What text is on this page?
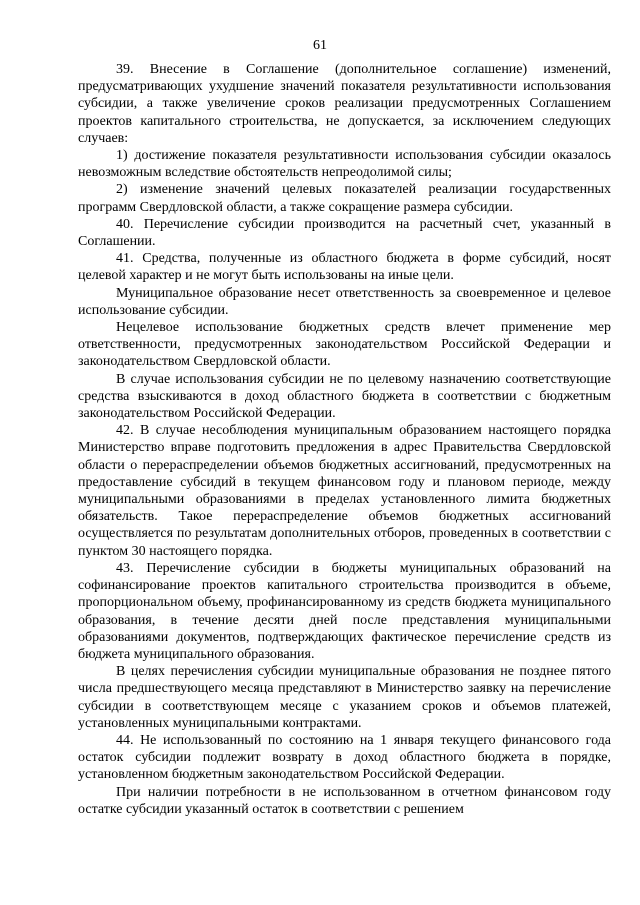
61

39. Внесение в Соглашение (дополнительное соглашение) изменений, предусматривающих ухудшение значений показателя результативности использования субсидии, а также увеличение сроков реализации предусмотренных Соглашением проектов капитального строительства, не допускается, за исключением следующих случаев:

1) достижение показателя результативности использования субсидии оказалось невозможным вследствие обстоятельств непреодолимой силы;

2) изменение значений целевых показателей реализации государственных программ Свердловской области, а также сокращение размера субсидии.

40. Перечисление субсидии производится на расчетный счет, указанный в Соглашении.

41. Средства, полученные из областного бюджета в форме субсидий, носят целевой характер и не могут быть использованы на иные цели.

Муниципальное образование несет ответственность за своевременное и целевое использование субсидии.

Нецелевое использование бюджетных средств влечет применение мер ответственности, предусмотренных законодательством Российской Федерации и законодательством Свердловской области.

В случае использования субсидии не по целевому назначению соответствующие средства взыскиваются в доход областного бюджета в соответствии с бюджетным законодательством Российской Федерации.

42. В случае несоблюдения муниципальным образованием настоящего порядка Министерство вправе подготовить предложения в адрес Правительства Свердловской области о перераспределении объемов бюджетных ассигнований, предусмотренных на предоставление субсидий в текущем финансовом году и плановом периоде, между муниципальными образованиями в пределах установленного лимита бюджетных обязательств. Такое перераспределение объемов бюджетных ассигнований осуществляется по результатам дополнительных отборов, проведенных в соответствии с пунктом 30 настоящего порядка.

43. Перечисление субсидии в бюджеты муниципальных образований на софинансирование проектов капитального строительства производится в объеме, пропорциональном объему, профинансированному из средств бюджета муниципального образования, в течение десяти дней после представления муниципальными образованиями документов, подтверждающих фактическое перечисление средств из бюджета муниципального образования.

В целях перечисления субсидии муниципальные образования не позднее пятого числа предшествующего месяца представляют в Министерство заявку на перечисление субсидии в соответствующем месяце с указанием сроков и объемов платежей, установленных муниципальными контрактами.

44. Не использованный по состоянию на 1 января текущего финансового года остаток субсидии подлежит возврату в доход областного бюджета в порядке, установленном бюджетным законодательством Российской Федерации.

При наличии потребности в не использованном в отчетном финансовом году остатке субсидии указанный остаток в соответствии с решением
